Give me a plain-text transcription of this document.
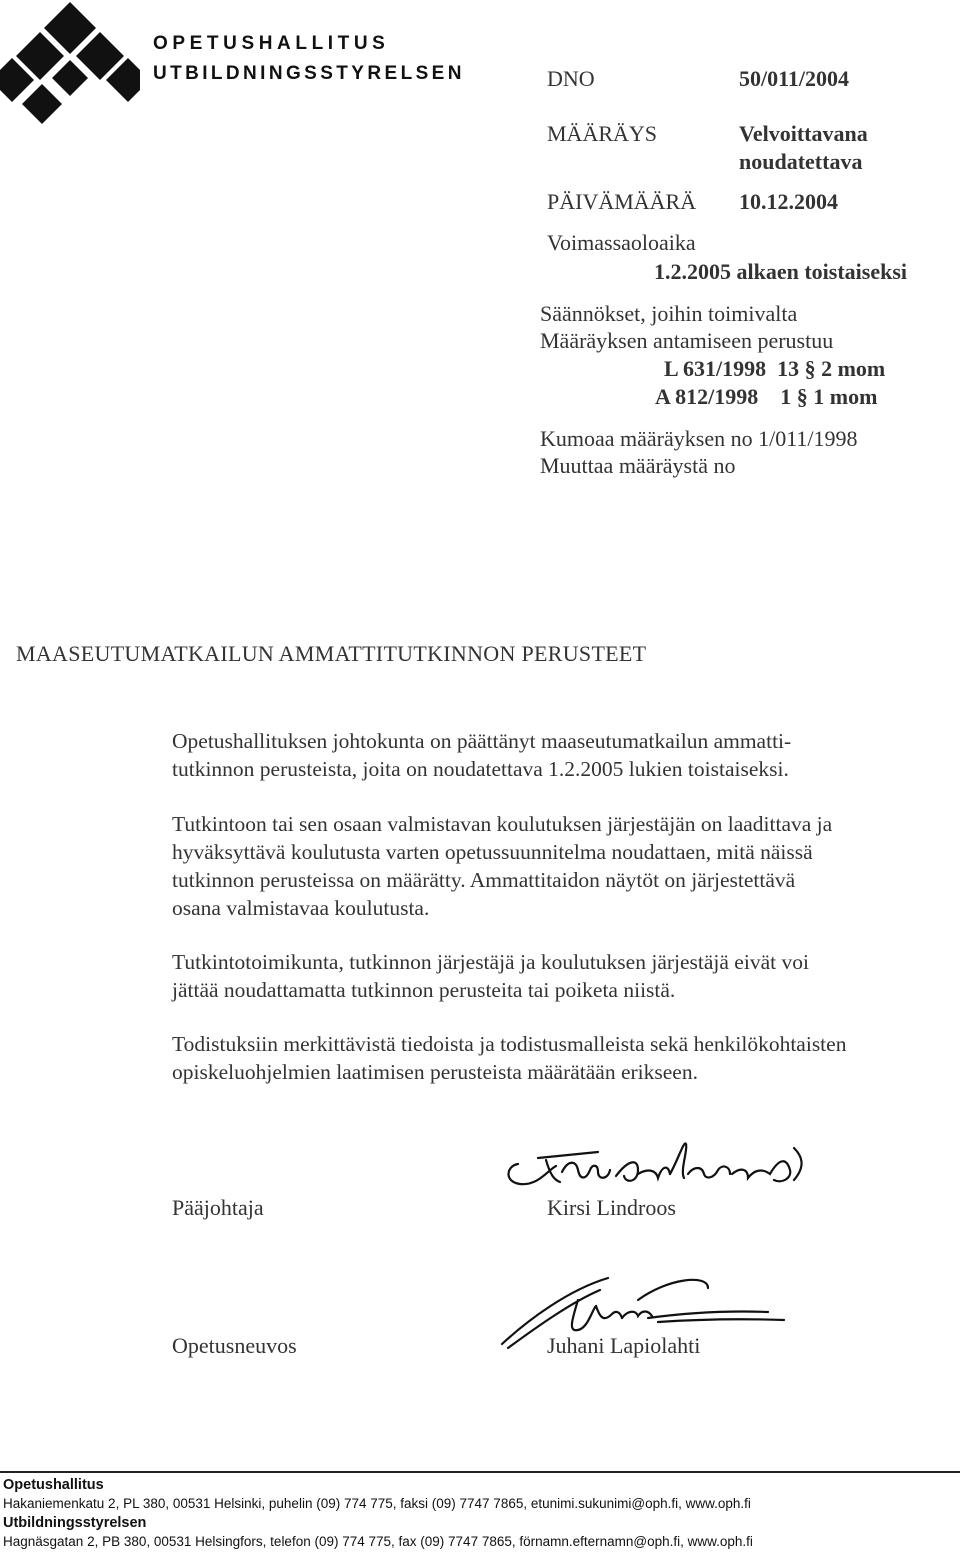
OPETUSHALLITUS
UTBILDNINGSSTYRELSEN	DNO	50/011/2004
MÄÄRÄYS	Velvoittavana
noudatettava
PÄIVÄMÄÄRÄ 10.12.2004
Voimassaoloaika
1.2.2005 alkaen toistaiseksi
Säännökset, joihin toimivalta
Määräyksen antamiseen perustuu
L 631/1998  13 § 2 mom
A 812/1998    1 § 1 mom
Kumoaa määräyksen no 1/011/1998
Muuttaa määräystä no
MAASEUTUMATKAILUN AMMATTITUTKINNON PERUSTEET
Opetushallituksen johtokunta on päättänyt maaseutumatkailun ammatti-
tutkinnon perusteista, joita on noudatettava 1.2.2005 lukien toistaiseksi.
Tutkintoon tai sen osaan valmistavan koulutuksen järjestäjän on laadittava ja
hyväksyttävä koulutusta varten opetussuunnitelma noudattaen, mitä näissä
tutkinnon perusteissa on määrätty. Ammattitaidon näytöt on järjestettävä
osana valmistavaa koulutusta.
Tutkintotoimikunta, tutkinnon järjestäjä ja koulutuksen järjestäjä eivät voi
jättää noudattamatta tutkinnon perusteita tai poiketa niistä.
Todistuksiin merkittävistä tiedoista ja todistusmalleista sekä henkilökohtaisten
opiskeluohjelmien laatimisen perusteista määrätään erikseen.
Pääjohtaja	Kirsi Lindroos
Opetusneuvos	Juhani Lapiolahti
Opetushallitus
Hakaniemenkatu 2, PL 380, 00531 Helsinki, puhelin (09) 774 775, faksi (09) 7747 7865, etunimi.sukunimi@oph.fi, www.oph.fi
Utbildningsstyrelsen
Hagnäsgatan 2, PB 380, 00531 Helsingfors, telefon (09) 774 775, fax (09) 7747 7865, förnamn.efternamn@oph.fi, www.oph.fi
